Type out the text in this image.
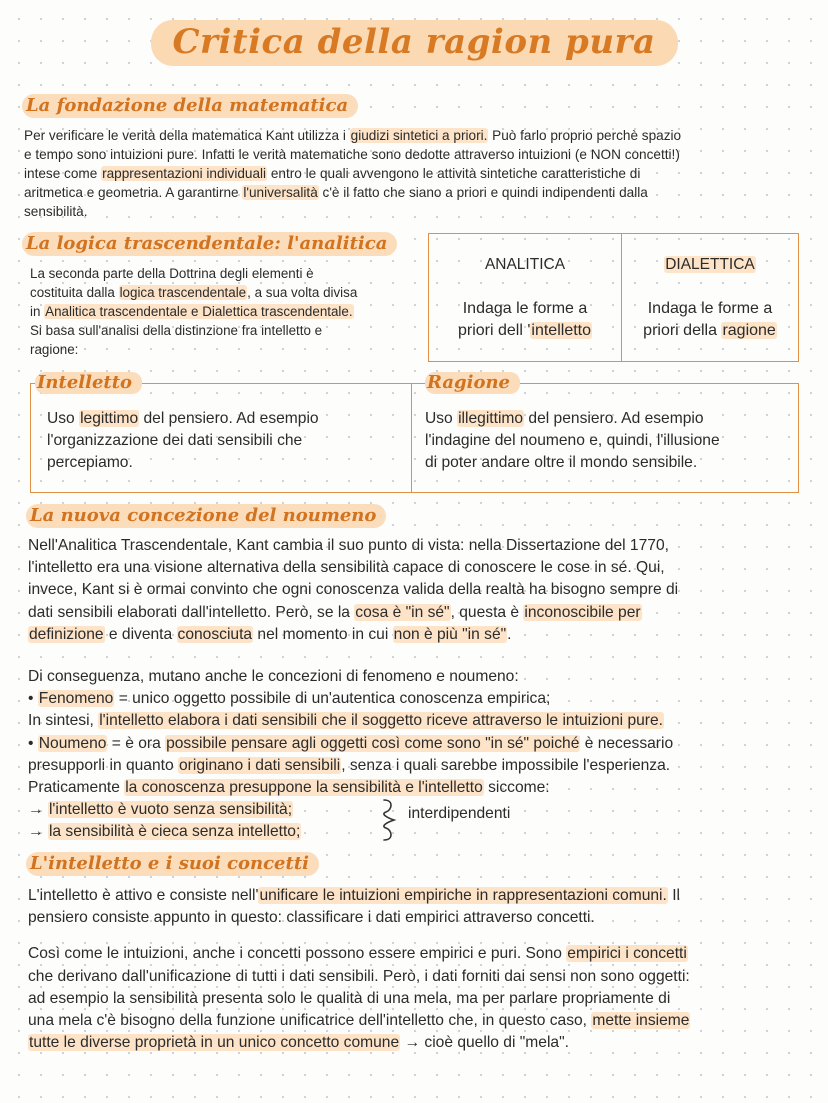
Critica della ragion pura
La fondazione della matematica
Per verificare le verità della matematica Kant utilizza i giudizi sintetici a priori. Può farlo proprio perchè spazio
e tempo sono intuizioni pure. Infatti le verità matematiche sono dedotte attraverso intuizioni (e NON concetti!)
intese come rappresentazioni individuali entro le quali avvengono le attività sintetiche caratteristiche di
aritmetica e geometria. A garantirne l'universalità c'è il fatto che siano a priori e quindi indipendenti dalla
sensibilità.
La logica trascendentale: l'analitica
La seconda parte della Dottrina degli elementi è
costituita dalla logica trascendentale, a sua volta divisa
in Analitica trascendentale e Dialettica trascendentale.
Si basa sull'analisi della distinzione fra intelletto e
ragione:
ANALITICA	DIALETTICA
Indaga le forme a
priori dell 'intelletto
Indaga le forme a
priori della ragione
Intelletto	Ragione
Uso legittimo del pensiero. Ad esempio
l'organizzazione dei dati sensibili che
percepiamo.
Uso illegittimo del pensiero. Ad esempio
l'indagine del noumeno e, quindi, l'illusione
di poter andare oltre il mondo sensibile.
La nuova concezione del noumeno
Nell'Analitica Trascendentale, Kant cambia il suo punto di vista: nella Dissertazione del 1770,
l'intelletto era una visione alternativa della sensibilità capace di conoscere le cose in sé. Qui,
invece, Kant si è ormai convinto che ogni conoscenza valida della realtà ha bisogno sempre di
dati sensibili elaborati dall'intelletto. Però, se la cosa è "in sé", questa è inconoscibile per
definizione e diventa conosciuta nel momento in cui non è più "in sé".
Di conseguenza, mutano anche le concezioni di fenomeno e noumeno:
• Fenomeno = unico oggetto possibile di un'autentica conoscenza empirica;
In sintesi, l'intelletto elabora i dati sensibili che il soggetto riceve attraverso le intuizioni pure.
• Noumeno = è ora possibile pensare agli oggetti così come sono "in sé" poiché è necessario
presupporli in quanto originano i dati sensibili, senza i quali sarebbe impossibile l'esperienza.
Praticamente la conoscenza presuppone la sensibilità e l'intelletto siccome:
→ l'intelletto è vuoto senza sensibilità;
→ la sensibilità è cieca senza intelletto;
interdipendenti
L'intelletto e i suoi concetti
L'intelletto è attivo e consiste nell'unificare le intuizioni empiriche in rappresentazioni comuni. Il
pensiero consiste appunto in questo: classificare i dati empirici attraverso concetti.
Così come le intuizioni, anche i concetti possono essere empirici e puri. Sono empirici i concetti
che derivano dall'unificazione di tutti i dati sensibili. Però, i dati forniti dai sensi non sono oggetti:
ad esempio la sensibilità presenta solo le qualità di una mela, ma per parlare propriamente di
una mela c'è bisogno della funzione unificatrice dell'intelletto che, in questo caso, mette insieme
tutte le diverse proprietà in un unico concetto comune → cioè quello di "mela".
